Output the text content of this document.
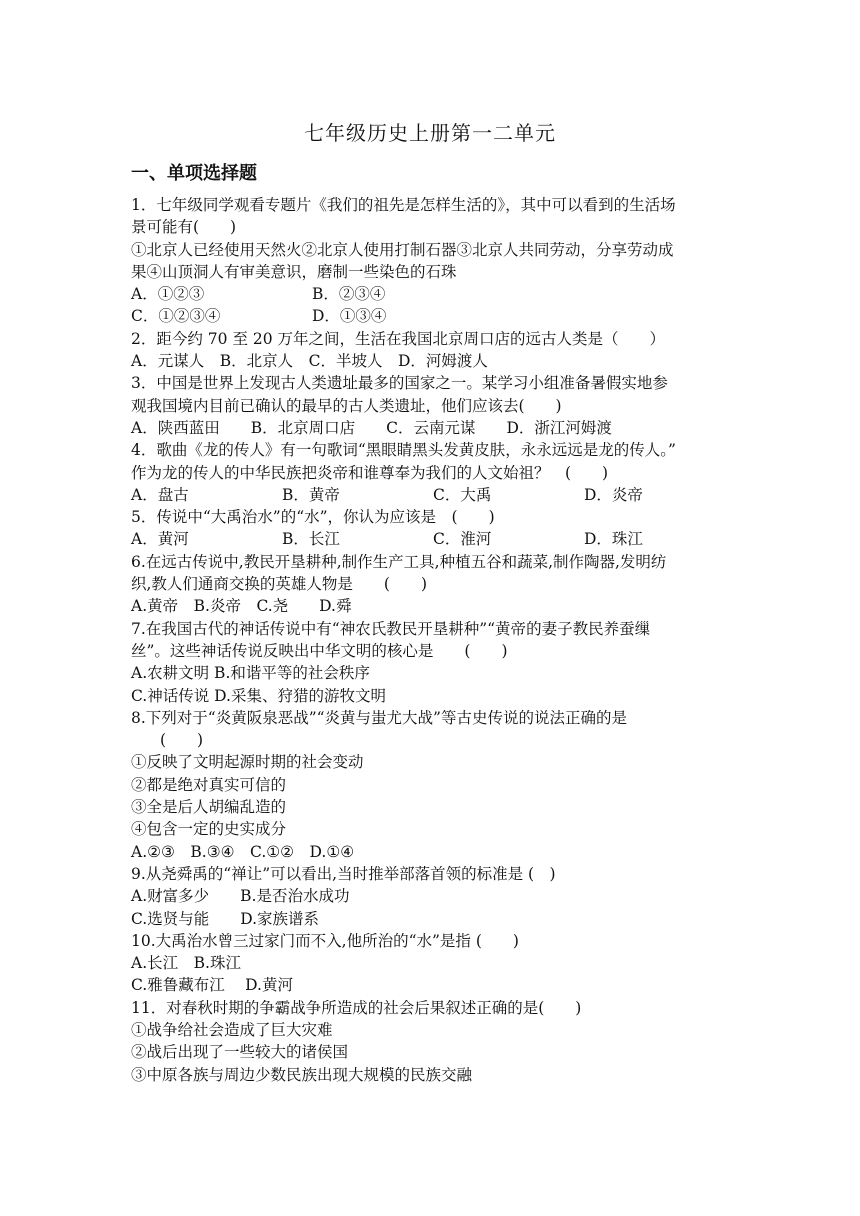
七年级历史上册第一二单元
一、单项选择题
1．七年级同学观看专题片《我们的祖先是怎样生活的》，其中可以看到的生活场
景可能有(　　)
①北京人已经使用天然火②北京人使用打制石器③北京人共同劳动，分享劳动成
果④山顶洞人有审美意识，磨制一些染色的石珠
A．①②③	B．②③④
C．①②③④	D．①③④
2．距今约 70 至 20 万年之间，生活在我国北京周口店的远古人类是（　　）
A．元谋人　B．北京人　C．半坡人　D．河姆渡人
3．中国是世界上发现古人类遗址最多的国家之一。某学习小组准备暑假实地参
观我国境内目前已确认的最早的古人类遗址，他们应该去(　　)
A．陕西蓝田　　B．北京周口店　　C．云南元谋　　D．浙江河姆渡
4．歌曲《龙的传人》有一句歌词“黑眼睛黑头发黄皮肤，永永远远是龙的传人。”
作为龙的传人的中华民族把炎帝和谁尊奉为我们的人文始祖？　(　　)
A．盘古	B．黄帝	C．大禹	D．炎帝
5．传说中“大禹治水”的“水”，你认为应该是　(　　)
A．黄河	B．长江	C．淮河	D．珠江
6.在远古传说中,教民开垦耕种,制作生产工具,种植五谷和蔬菜,制作陶器,发明纺
织,教人们通商交换的英雄人物是　　(　　)
A.黄帝　B.炎帝　C.尧　　D.舜
7.在我国古代的神话传说中有“神农氏教民开垦耕种”“黄帝的妻子教民养蚕缫
丝”。这些神话传说反映出中华文明的核心是　　(　　)
A.农耕文明 B.和谐平等的社会秩序
C.神话传说 D.采集、狩猎的游牧文明
8.下列对于“炎黄阪泉恶战”“炎黄与蚩尤大战”等古史传说的说法正确的是
(　　)
①反映了文明起源时期的社会变动
②都是绝对真实可信的
③全是后人胡编乱造的
④包含一定的史实成分
A.②③　B.③④　C.①②　D.①④
9.从尧舜禹的“禅让”可以看出,当时推举部落首领的标准是 (　)
A.财富多少　　B.是否治水成功
C.选贤与能　　D.家族谱系
10.大禹治水曾三过家门而不入,他所治的“水”是指 (　　)
A.长江　B.珠江
C.雅鲁藏布江　 D.黄河
11．对春秋时期的争霸战争所造成的社会后果叙述正确的是(　　)
①战争给社会造成了巨大灾难
②战后出现了一些较大的诸侯国
③中原各族与周边少数民族出现大规模的民族交融
